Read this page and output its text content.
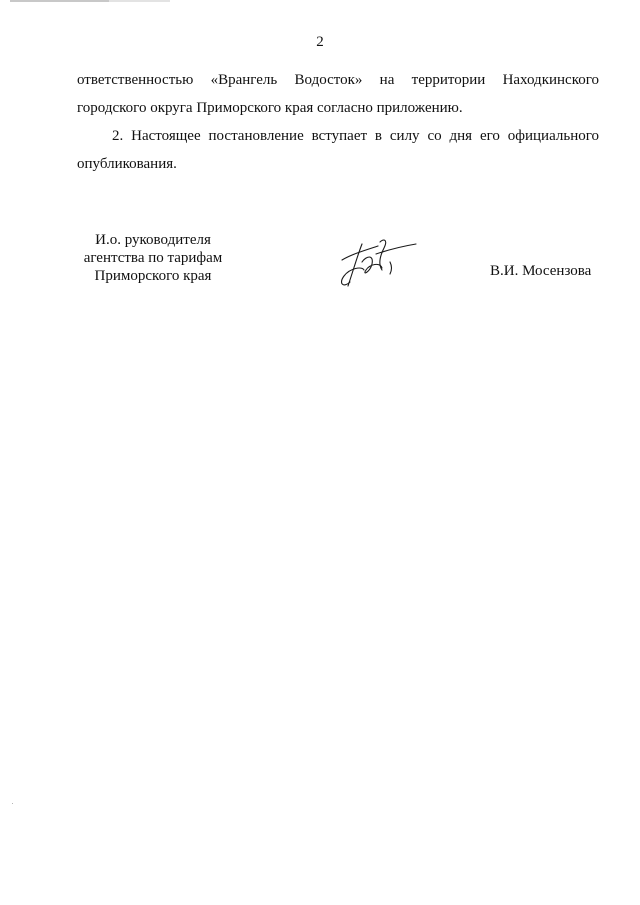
2
ответственностью «Врангель Водосток» на территории Находкинского
городского округа Приморского края согласно приложению.
2. Настоящее постановление вступает в силу со дня его официального
опубликования.
И.о. руководителя
агентства по тарифам
Приморского края	В.И. Мосензова
